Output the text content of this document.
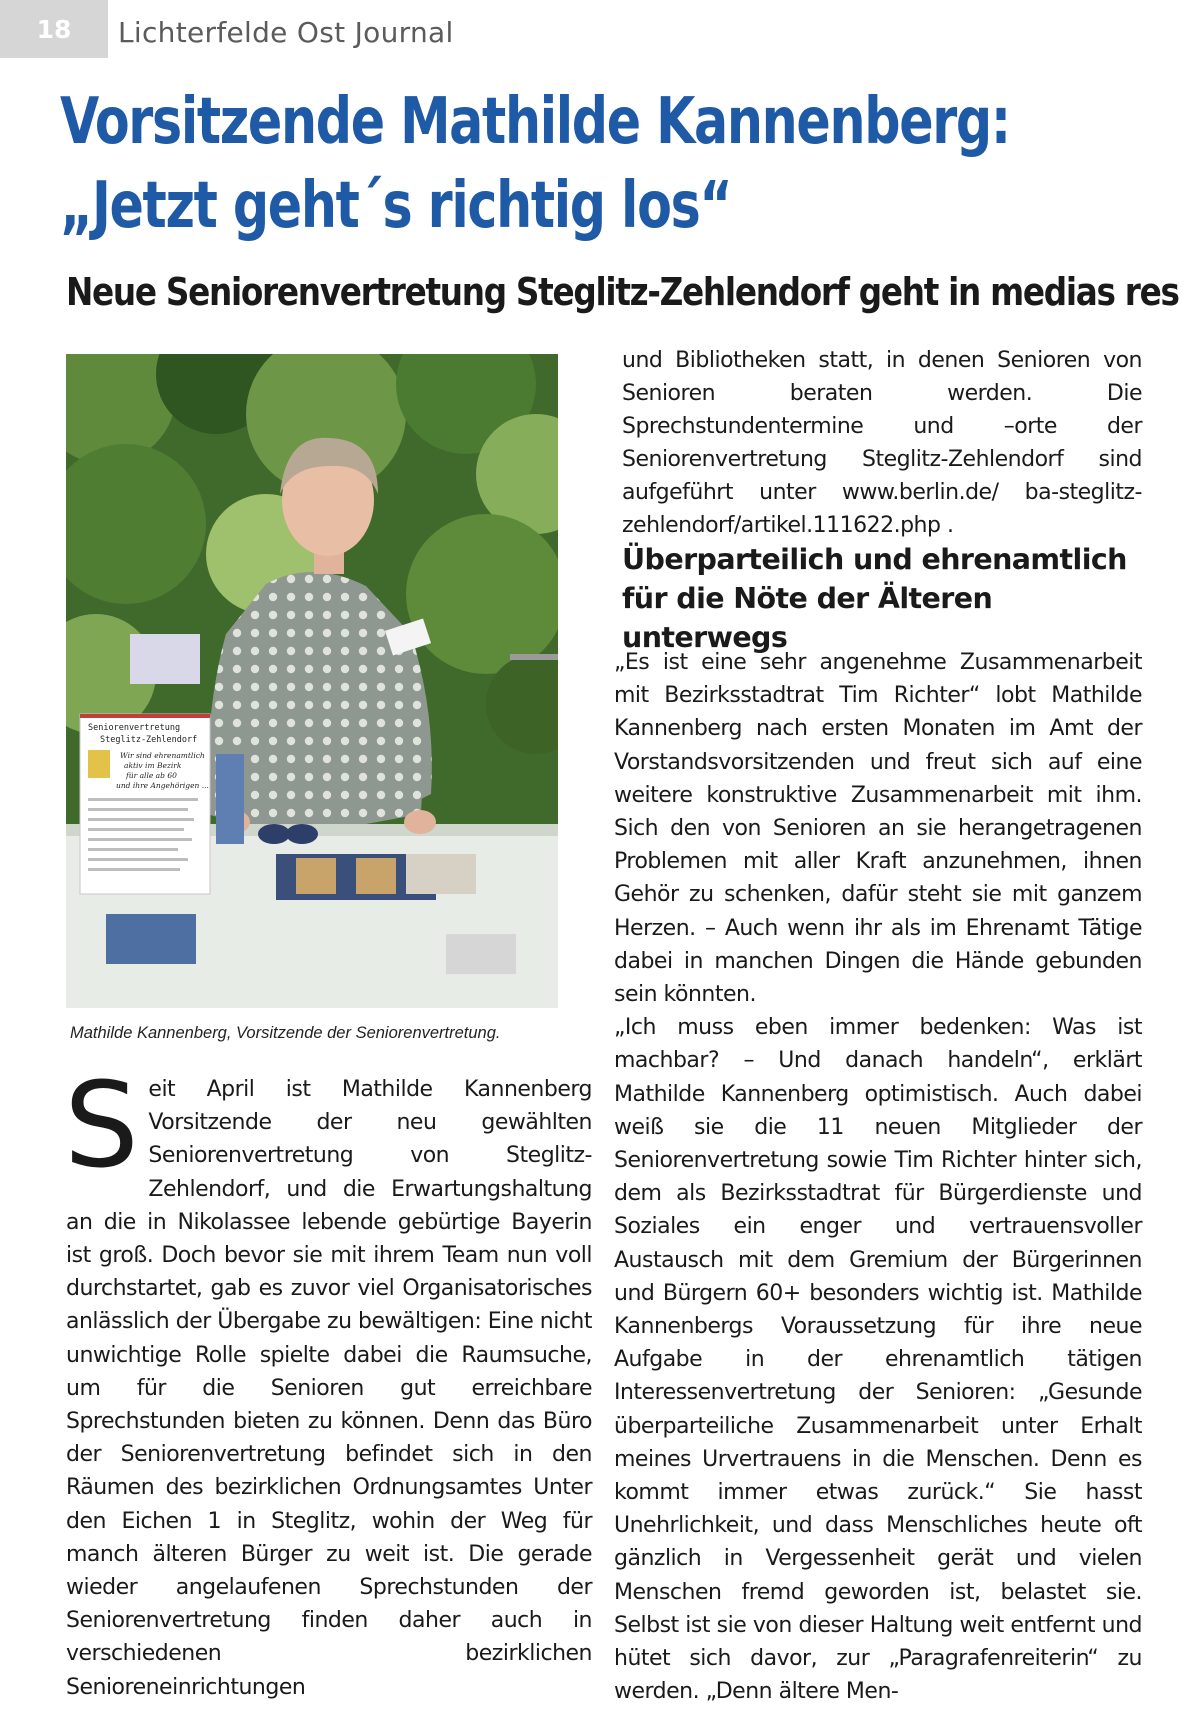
18	Lichterfelde Ost Journal
Vorsitzende Mathilde Kannenberg:
„Jetzt geht´s richtig los“
Neue Seniorenvertretung Steglitz-Zehlendorf geht in medias res
Seniorenvertretung
Steglitz-Zehlendorf
Wir sind ehrenamtlich
aktiv im Bezirk
für alle ab 60
und ihre Angehörigen ...
Mathilde Kannenberg, Vorsitzende der Seniorenvertretung.
S eit April ist Mathilde Kannenberg Vorsitzende der neu gewählten Seniorenvertretung von Steglitz-Zehlendorf, und die Erwartungshaltung an die in Nikolassee lebende gebürtige Bayerin ist groß. Doch bevor sie mit ihrem Team nun voll durchstartet, gab es zuvor viel Organisatorisches anlässlich der Übergabe zu bewältigen: Eine nicht unwichtige Rolle spielte dabei die Raumsuche, um für die Senioren gut erreichbare Sprechstunden bieten zu können. Denn das Büro der Seniorenvertretung befindet sich in den Räumen des bezirklichen Ordnungsamtes Unter den Eichen 1 in Steglitz, wohin der Weg für manch älteren Bürger zu weit ist. Die gerade wieder angelaufenen Sprechstunden der Seniorenvertretung finden daher auch in verschiedenen bezirklichen Senioreneinrichtungen

und Bibliotheken statt, in denen Senioren von Senioren beraten werden. Die Sprechstundentermine und –orte der Seniorenvertretung Steglitz-Zehlendorf sind aufgeführt unter www.berlin.de/ ba-steglitz-zehlendorf/artikel.111622.php .

Überparteilich und ehrenamtlich
für die Nöte der Älteren unterwegs

„Es ist eine sehr angenehme Zusammenarbeit mit Bezirksstadtrat Tim Richter“ lobt Mathilde Kannenberg nach ersten Monaten im Amt der Vorstandsvorsitzenden und freut sich auf eine weitere konstruktive Zusammenarbeit mit ihm. Sich den von Senioren an sie herangetragenen Problemen mit aller Kraft anzunehmen, ihnen Gehör zu schenken, dafür steht sie mit ganzem Herzen. – Auch wenn ihr als im Ehrenamt Tätige dabei in manchen Dingen die Hände gebunden sein könnten.

„Ich muss eben immer bedenken: Was ist machbar? – Und danach handeln“, erklärt Mathilde Kannenberg optimistisch. Auch dabei weiß sie die 11 neuen Mitglieder der Seniorenvertretung sowie Tim Richter hinter sich, dem als Bezirksstadtrat für Bürgerdienste und Soziales ein enger und vertrauensvoller Austausch mit dem Gremium der Bürgerinnen und Bürgern 60+ besonders wichtig ist. Mathilde Kannenbergs Voraussetzung für ihre neue Aufgabe in der ehrenamtlich tätigen Interessenvertretung der Senioren: „Gesunde überparteiliche Zusammenarbeit unter Erhalt meines Urvertrauens in die Menschen. Denn es kommt immer etwas zurück.“ Sie hasst Unehrlichkeit, und dass Menschliches heute oft gänzlich in Vergessenheit gerät und vielen Menschen fremd geworden ist, belastet sie. Selbst ist sie von dieser Haltung weit entfernt und hütet sich davor, zur „Paragrafenreiterin“ zu werden. „Denn ältere Men-
